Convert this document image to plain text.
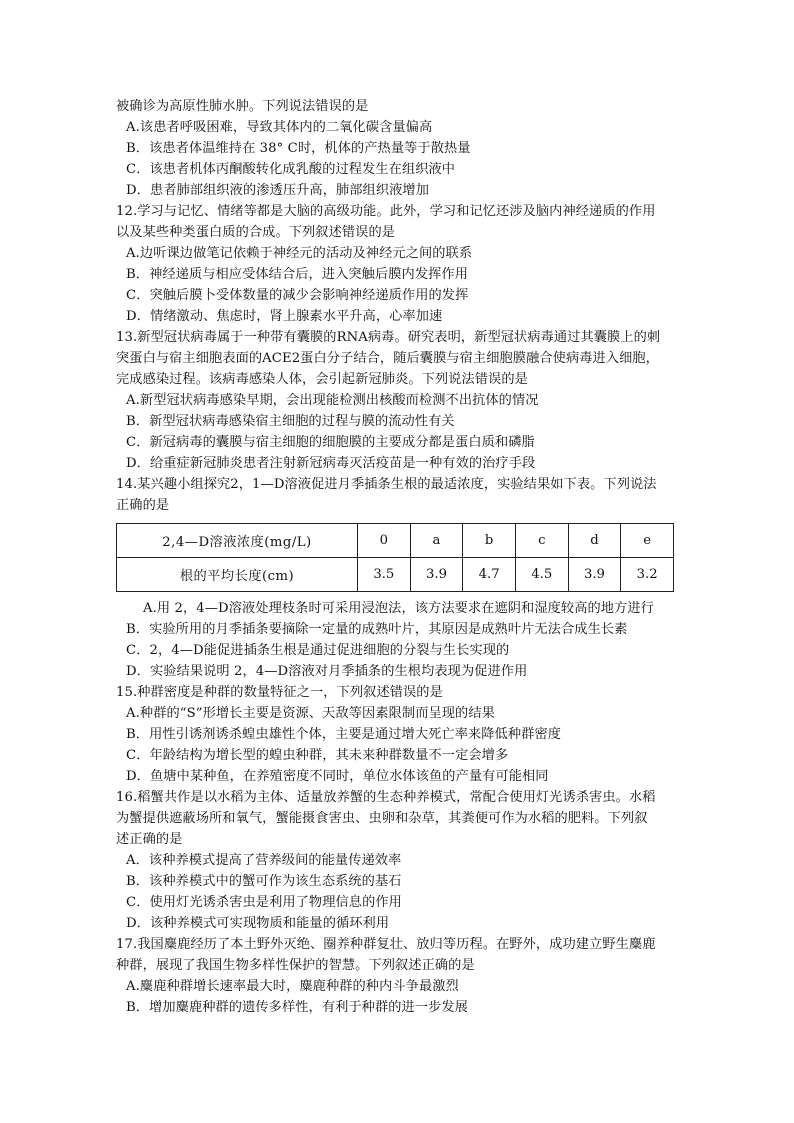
被确诊为高原性肺水肿。下列说法错误的是
A.该患者呼吸困难，导致其体内的二氧化碳含量偏高
B．该患者体温维持在 38° C时，机体的产热量等于散热量
C．该患者机体丙酮酸转化成乳酸的过程发生在组织液中
D．患者肺部组织液的渗透压升高，肺部组织液增加
12.学习与记忆、情绪等都是大脑的高级功能。此外，学习和记忆还涉及脑内神经递质的作用
以及某些种类蛋白质的合成。下列叙述错误的是
A.边听课边做笔记依赖于神经元的活动及神经元之间的联系
B．神经递质与相应受体结合后，进入突触后膜内发挥作用
C．突触后膜卜受体数量的减少会影响神经递质作用的发挥
D．情绪激动、焦虑时，肾上腺素水平升高，心率加速
13.新型冠状病毒属于一种带有囊膜的RNA病毒。研究表明，新型冠状病毒通过其囊膜上的刺
突蛋白与宿主细胞表面的ACE2蛋白分子结合，随后囊膜与宿主细胞膜融合使病毒进入细胞，
完成感染过程。该病毒感染人体，会引起新冠肺炎。下列说法错误的是
A.新型冠状病毒感染早期，会出现能检测出核酸而检测不出抗体的情况
B．新型冠状病毒感染宿主细胞的过程与膜的流动性有关
C．新冠病毒的囊膜与宿主细胞的细胞膜的主要成分都是蛋白质和磷脂
D．给重症新冠肺炎患者注射新冠病毒灭活疫苗是一种有效的治疗手段
14.某兴趣小组探究2，1—D溶液促进月季插条生根的最适浓度，实验结果如下表。下列说法
正确的是
2,4—D溶液浓度(mg/L)	0	a	b	c	d	e
根的平均长度(cm)	3.5	3.9	4.7	4.5	3.9	3.2
A.用 2，4—D溶液处理枝条时可采用浸泡法，该方法要求在遮阴和湿度较高的地方进行
B．实验所用的月季插条要摘除一定量的成熟叶片，其原因是成熟叶片无法合成生长素
C．2，4—D能促进插条生根是通过促进细胞的分裂与生长实现的
D．实验结果说明 2，4—D溶液对月季插条的生根均表现为促进作用
15.种群密度是种群的数量特征之一，下列叙述错误的是
A.种群的“S”形增长主要是资源、天敌等因素限制而呈现的结果
B．用性引诱剂诱杀蝗虫雄性个体，主要是通过增大死亡率来降低种群密度
C．年龄结构为增长型的蝗虫种群，其未来种群数量不一定会增多
D．鱼塘中某种鱼，在养殖密度不同时，单位水体该鱼的产量有可能相同
16.稻蟹共作是以水稻为主体、适量放养蟹的生态种养模式，常配合使用灯光诱杀害虫。水稻
为蟹提供遮蔽场所和氧气，蟹能摄食害虫、虫卵和杂草，其粪便可作为水稻的肥料。下列叙
述正确的是
A．该种养模式提高了营养级间的能量传递效率
B．该种养模式中的蟹可作为该生态系统的基石
C．使用灯光诱杀害虫是利用了物理信息的作用
D．该种养模式可实现物质和能量的循环利用
17.我国麋鹿经历了本土野外灭绝、圈养种群复壮、放归等历程。在野外，成功建立野生麋鹿
种群，展现了我国生物多样性保护的智慧。下列叙述正确的是
A.麋鹿种群增长速率最大时，麋鹿种群的种内斗争最激烈
B．增加麋鹿种群的遗传多样性，有利于种群的进一步发展
